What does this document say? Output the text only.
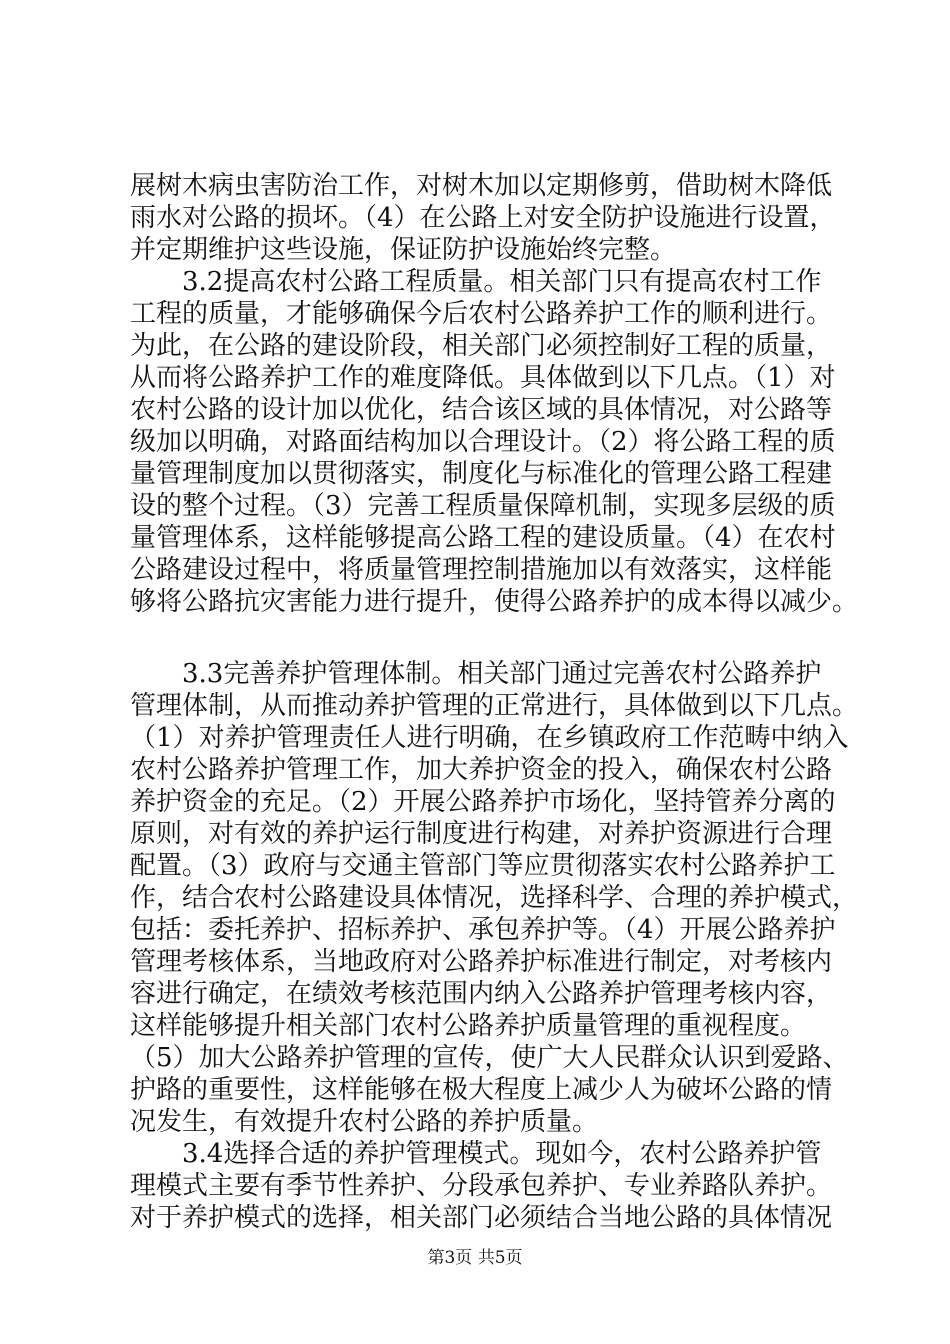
展树木病虫害防治工作，对树木加以定期修剪，借助树木降低
雨水对公路的损坏。（4）在公路上对安全防护设施进行设置，
并定期维护这些设施，保证防护设施始终完整。
3.2提高农村公路工程质量。相关部门只有提高农村工作
工程的质量，才能够确保今后农村公路养护工作的顺利进行。
为此，在公路的建设阶段，相关部门必须控制好工程的质量，
从而将公路养护工作的难度降低。具体做到以下几点。（1）对
农村公路的设计加以优化，结合该区域的具体情况，对公路等
级加以明确，对路面结构加以合理设计。（2）将公路工程的质
量管理制度加以贯彻落实，制度化与标准化的管理公路工程建
设的整个过程。（3）完善工程质量保障机制，实现多层级的质
量管理体系，这样能够提高公路工程的建设质量。（4）在农村
公路建设过程中，将质量管理控制措施加以有效落实，这样能
够将公路抗灾害能力进行提升，使得公路养护的成本得以减少。
3.3完善养护管理体制。相关部门通过完善农村公路养护
管理体制，从而推动养护管理的正常进行，具体做到以下几点。
（1）对养护管理责任人进行明确，在乡镇政府工作范畴中纳入
农村公路养护管理工作，加大养护资金的投入，确保农村公路
养护资金的充足。（2）开展公路养护市场化，坚持管养分离的
原则，对有效的养护运行制度进行构建，对养护资源进行合理
配置。（3）政府与交通主管部门等应贯彻落实农村公路养护工
作，结合农村公路建设具体情况，选择科学、合理的养护模式，
包括：委托养护、招标养护、承包养护等。（4）开展公路养护
管理考核体系，当地政府对公路养护标准进行制定，对考核内
容进行确定，在绩效考核范围内纳入公路养护管理考核内容，
这样能够提升相关部门农村公路养护质量管理的重视程度。
（5）加大公路养护管理的宣传，使广大人民群众认识到爱路、
护路的重要性，这样能够在极大程度上减少人为破坏公路的情
况发生，有效提升农村公路的养护质量。
3.4选择合适的养护管理模式。现如今，农村公路养护管
理模式主要有季节性养护、分段承包养护、专业养路队养护。
对于养护模式的选择，相关部门必须结合当地公路的具体情况
第3页 共5页
